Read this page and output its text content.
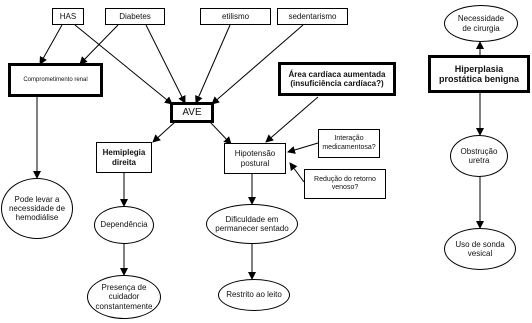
HAS	Diabetes	etilismo	sedentarismo
Comprometimento renal
AVE
Área cardíaca aumentada (insuficiência cardíaca?)
Hemiplegia direita
Hipotensão postural
Interação medicamentosa?
Redução do retorno venoso?
Pode levar a necessidade de hemodiálise
Dependência
Presença de cuidador constantemente
Dificuldade em permanecer sentado
Restrito ao leito
Necessidade de cirurgia
Hiperplasia prostática benigna
Obstrução uretra
Uso de sonda vesical
